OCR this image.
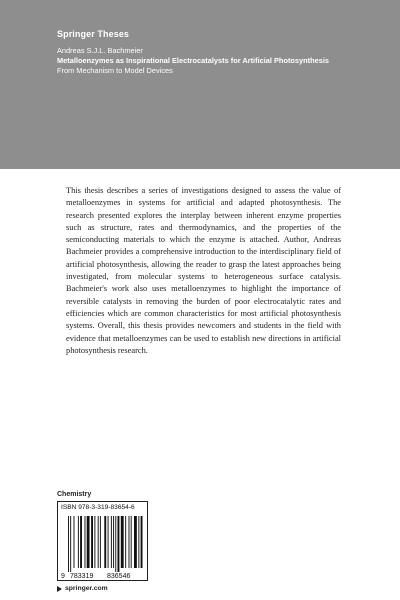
Springer Theses
Andreas S.J.L. Bachmeier
Metalloenzymes as Inspirational Electrocatalysts for Artificial Photosynthesis
From Mechanism to Model Devices

This thesis describes a series of investigations designed to assess the value of metalloenzymes in systems for artificial and adapted photosynthesis. The research presented explores the interplay between inherent enzyme properties such as structure, rates and thermodynamics, and the properties of the semiconducting materials to which the enzyme is attached. Author, Andreas Bachmeier provides a comprehensive introduction to the interdisciplinary field of artificial photosynthesis, allowing the reader to grasp the latest approaches being investigated, from molecular systems to heterogeneous surface catalysis. Bachmeier's work also uses metalloenzymes to highlight the importance of reversible catalysts in removing the burden of poor electrocatalytic rates and efficiencies which are common characteristics for most artificial photosynthesis systems. Overall, this thesis provides newcomers and students in the field with evidence that metalloenzymes can be used to establish new directions in artificial photosynthesis research.

Chemistry
ISBN 978-3-319-83654-6
9 783319 836546
springer.com
